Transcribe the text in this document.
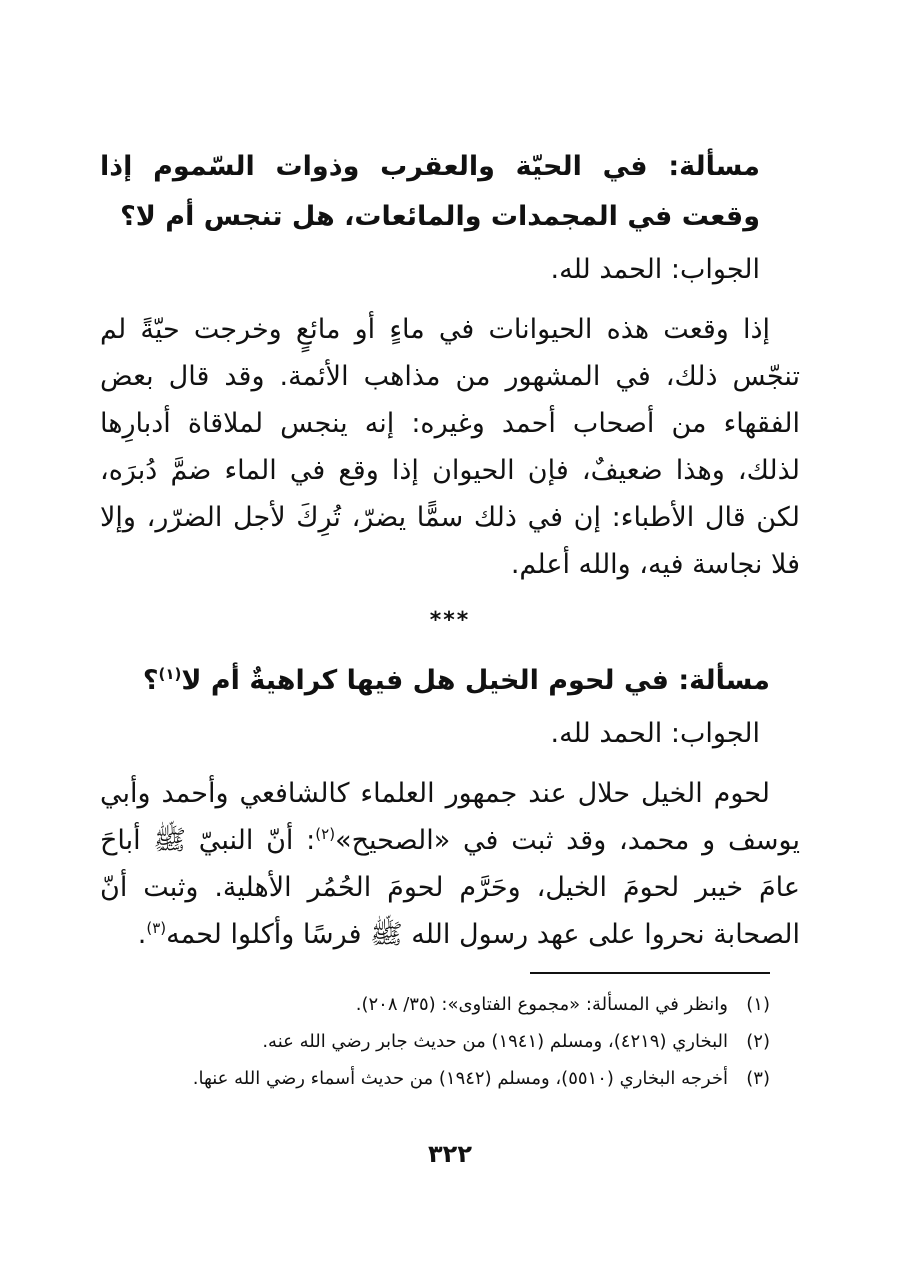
مسألة: في الحيّة والعقرب وذوات السّموم إذا وقعت في المجمدات والمائعات، هل تنجس أم لا؟

الجواب: الحمد لله.

إذا وقعت هذه الحيوانات في ماءٍ أو مائعٍ وخرجت حيّةً لم تنجّس ذلك، في المشهور من مذاهب الأئمة. وقد قال بعض الفقهاء من أصحاب أحمد وغيره: إنه ينجس لملاقاة أدبارِها لذلك، وهذا ضعيفٌ، فإن الحيوان إذا وقع في الماء ضمَّ دُبرَه، لكن قال الأطباء: إن في ذلك سمًّا يضرّ، تُرِكَ لأجل الضرّر، وإلا فلا نجاسة فيه، والله أعلم.

***

مسألة: في لحوم الخيل هل فيها كراهيةٌ أم لا$^{(١)}$؟

الجواب: الحمد لله.

لحوم الخيل حلال عند جمهور العلماء كالشافعي وأحمد وأبي يوسف و محمد، وقد ثبت في «الصحيح»$^{(٢)}$: أنّ النبيّ ﷺ أباحَ عامَ خيبر لحومَ الخيل، وحَرَّم لحومَ الحُمُر الأهلية. وثبت أنّ الصحابة نحروا على عهد رسول الله ﷺ فرسًا وأكلوا لحمه$^{(٣)}$.

(١)وانظر في المسألة: «مجموع الفتاوى»: (٣٥/ ٢٠٨).
(٢)البخاري (٤٢١٩)، ومسلم (١٩٤١) من حديث جابر رضي الله عنه.
(٣)أخرجه البخاري (٥٥١٠)، ومسلم (١٩٤٢) من حديث أسماء رضي الله عنها.
٣٢٢
